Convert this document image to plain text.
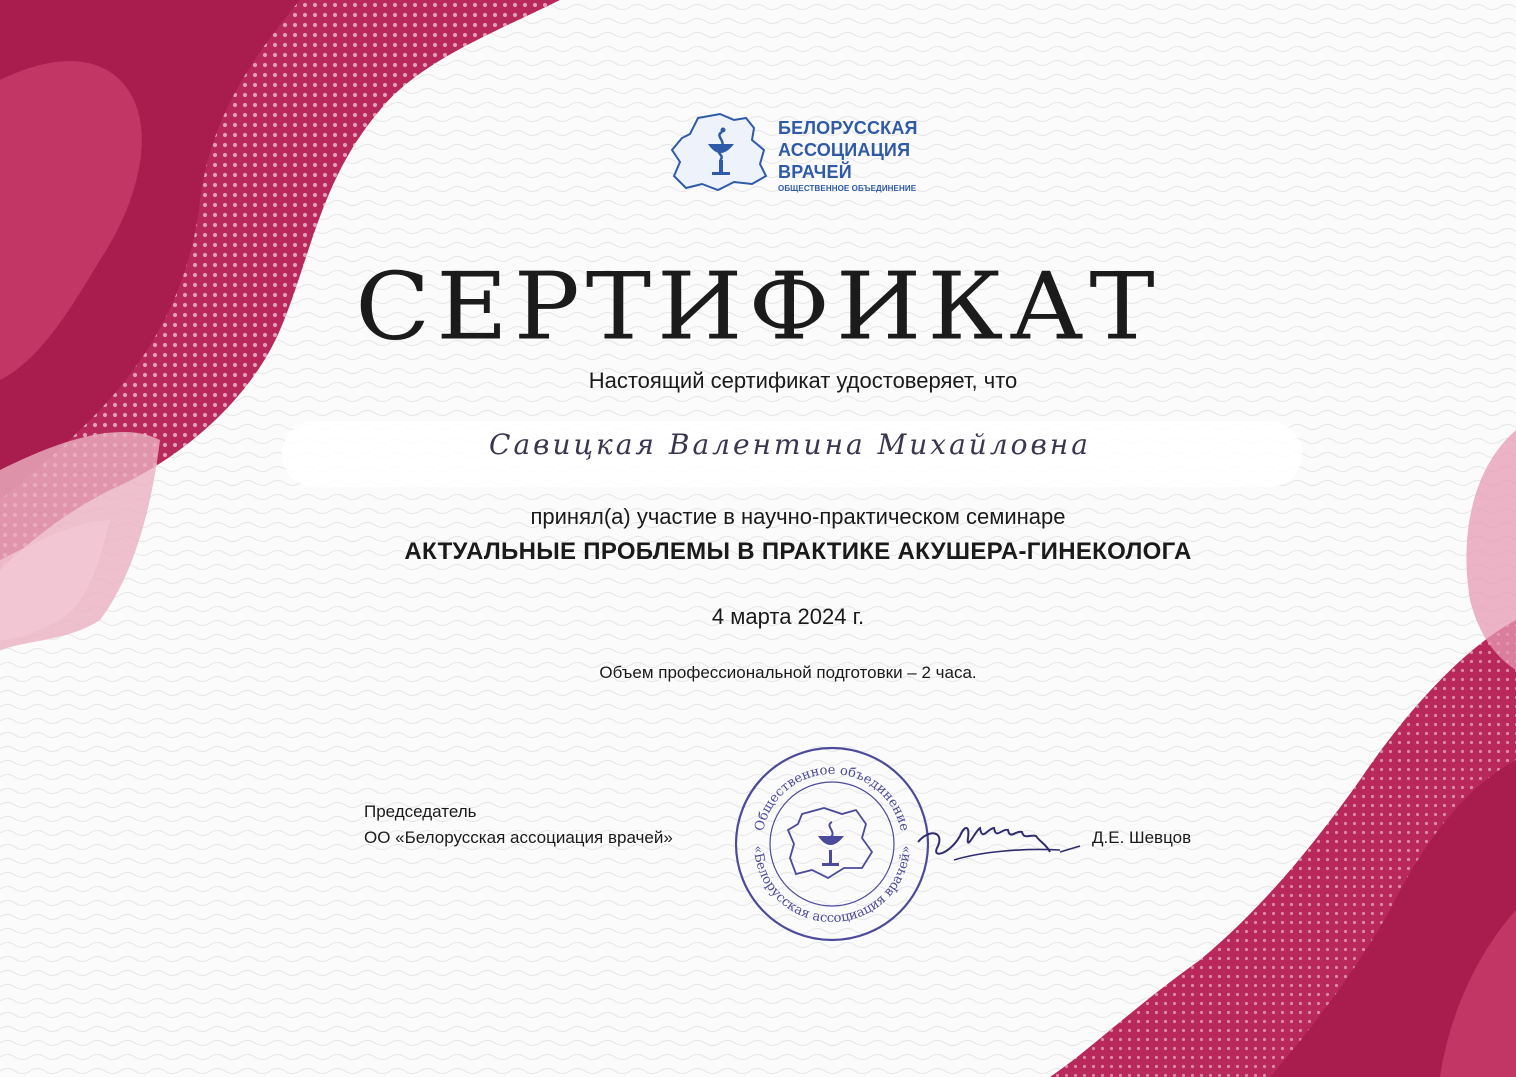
БЕЛОРУССКАЯ
АССОЦИАЦИЯ
ВРАЧЕЙ
ОБЩЕСТВЕННОЕ ОБЪЕДИНЕНИЕ
СЕРТИФИКАТ
Настоящий сертификат удостоверяет, что
Савицкая Валентина Михайловна
принял(а) участие в научно-практическом семинаре
АКТУАЛЬНЫЕ ПРОБЛЕМЫ В ПРАКТИКЕ АКУШЕРА-ГИНЕКОЛОГА
4 марта 2024 г.
Объем профессиональной подготовки – 2 часа.
Председатель
ОО «Белорусская ассоциация врачей»
Общественное объединение
«Белорусская ассоциация врачей»
Д.Е. Шевцов
